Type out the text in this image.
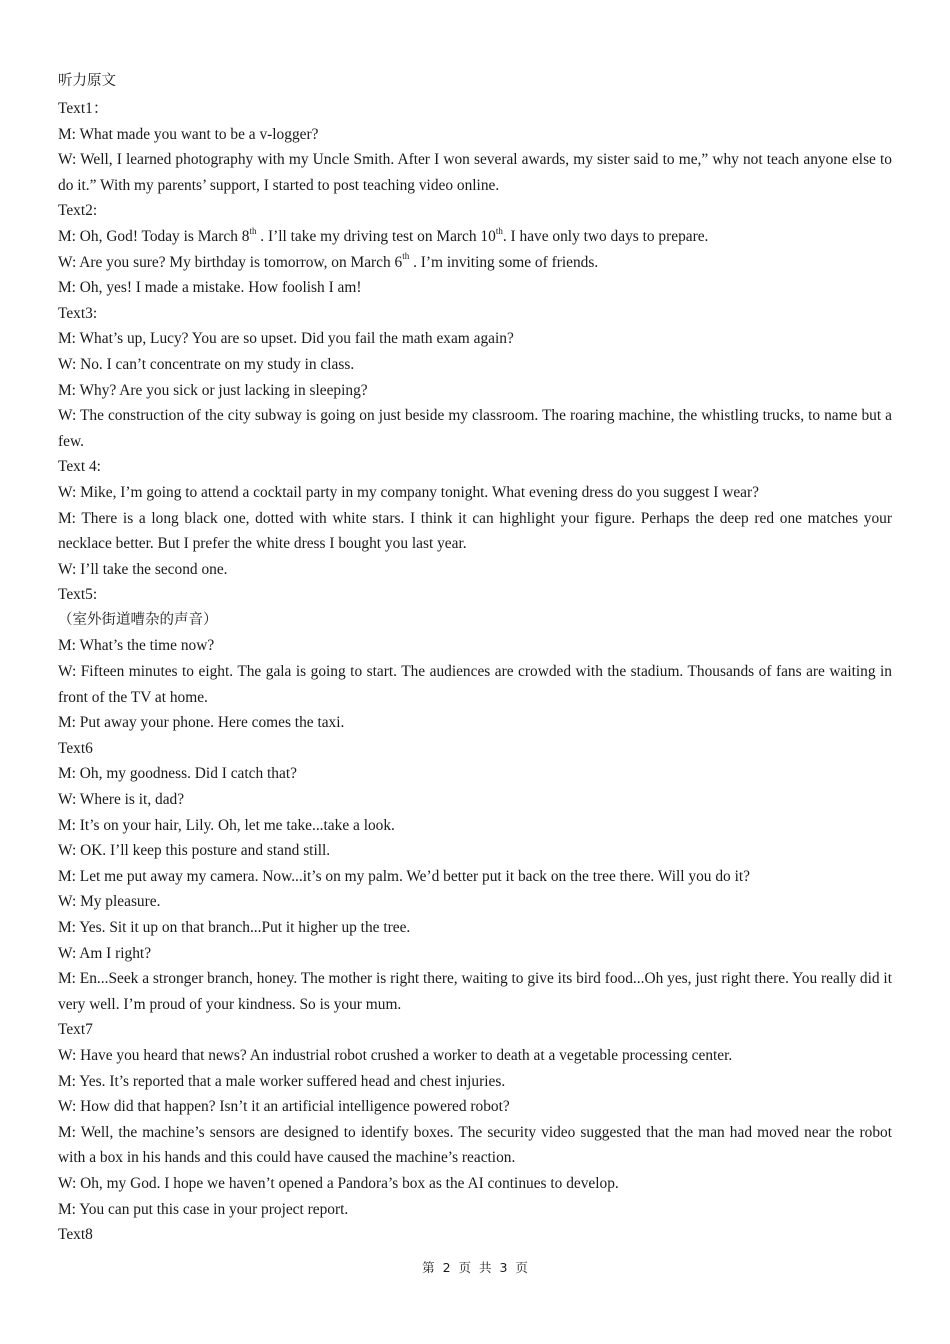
听力原文

Text1：

M: What made you want to be a v-logger?

W: Well, I learned photography with my Uncle Smith. After I won several awards, my sister said to me,” why not teach anyone else to do it.” With my parents’ support, I started to post teaching video online.

Text2:

M: Oh, God! Today is March 8th . I’ll take my driving test on March 10th. I have only two days to prepare.

W: Are you sure? My birthday is tomorrow, on March 6th . I’m inviting some of friends.

M: Oh, yes! I made a mistake. How foolish I am!

Text3:

M: What’s up, Lucy? You are so upset. Did you fail the math exam again?

W: No. I can’t concentrate on my study in class.

M: Why? Are you sick or just lacking in sleeping?

W: The construction of the city subway is going on just beside my classroom. The roaring machine, the whistling trucks, to name but a few.

Text 4:

W: Mike, I’m going to attend a cocktail party in my company tonight. What evening dress do you suggest I wear?

M: There is a long black one, dotted with white stars. I think it can highlight your figure. Perhaps the deep red one matches your necklace better. But I prefer the white dress I bought you last year.

W: I’ll take the second one.

Text5:

（室外街道嘈杂的声音）

M: What’s the time now?

W: Fifteen minutes to eight. The gala is going to start. The audiences are crowded with the stadium. Thousands of fans are waiting in front of the TV at home.

M: Put away your phone. Here comes the taxi.

Text6

M: Oh, my goodness. Did I catch that?

W: Where is it, dad?

M: It’s on your hair, Lily. Oh, let me take...take a look.

W: OK. I’ll keep this posture and stand still.

M: Let me put away my camera. Now...it’s on my palm. We’d better put it back on the tree there. Will you do it?

W: My pleasure.

M: Yes. Sit it up on that branch...Put it higher up the tree.

W: Am I right?

M: En...Seek a stronger branch, honey. The mother is right there, waiting to give its bird food...Oh yes, just right there. You really did it very well. I’m proud of your kindness. So is your mum.

Text7

W: Have you heard that news? An industrial robot crushed a worker to death at a vegetable processing center.

M: Yes. It’s reported that a male worker suffered head and chest injuries.

W: How did that happen? Isn’t it an artificial intelligence powered robot?

M: Well, the machine’s sensors are designed to identify boxes. The security video suggested that the man had moved near the robot with a box in his hands and this could have caused the machine’s reaction.

W: Oh, my God. I hope we haven’t opened a Pandora’s box as the AI continues to develop.

M: You can put this case in your project report.

Text8

第 2 页 共 3 页
